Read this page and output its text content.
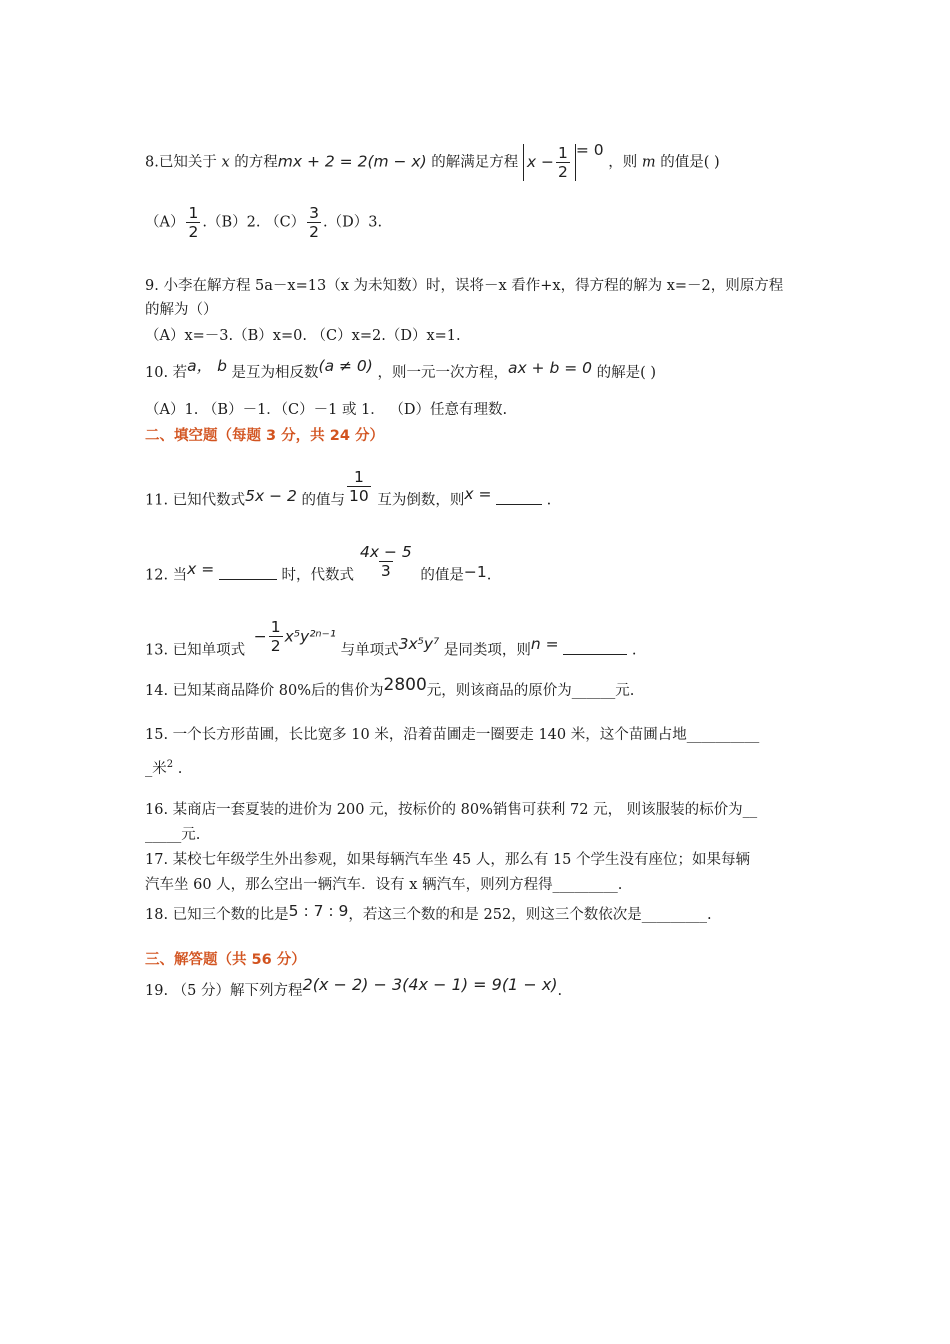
8.已知关于 x 的方程mx + 2 = 2(m − x) 的解满足方程 $x - \frac{1}{2} = 0$ ，则 m 的值是( )
$(A) \frac{1}{2} .(B)2$. $(C) \frac{3}{2} .(D)3$.
9. 小李在解方程 5a－x=13（x 为未知数）时，误将－x 看作+x，得方程的解为 x=－2，则原方程
的解为（）
（A）x=－3.（B）x=0. （C）x=2.（D）x=1.
10. 若a， b 是互为相反数(a ≠ 0) ，则一元一次方程，ax + b = 0 的解是( )
（A）1. （B）－1．（C）－1 或 1． （D）任意有理数.
二、填空题（每题 3 分，共 24 分）
11. 已知代数式5x − 2 的值与 $\frac{1}{10}$ 互为倒数，则x =	.
12. 当x =	时，代数式 $\frac{4x - 5}{3}$ 的值是−1.
13. 已知单项式 − $\frac{1}{2} x^5y^{2n-1}$ 与单项式3x⁵y⁷ 是同类项，则n =	.
14. 已知某商品降价 80%后的售价为2800元，则该商品的原价为______元.
15. 一个长方形苗圃，长比宽多 10 米，沿着苗圃走一圈要走 140 米，这个苗圃占地__________
_米$^2$ .
16. 某商店一套夏装的进价为 200 元，按标价的 80%销售可获利 72 元， 则该服装的标价为__
_____元.
17. 某校七年级学生外出参观，如果每辆汽车坐 45 人，那么有 15 个学生没有座位；如果每辆
汽车坐 60 人，那么空出一辆汽车．设有 x 辆汽车，则列方程得_________.
18. 已知三个数的比是5 : 7 : 9，若这三个数的和是 252，则这三个数依次是_________.
三、解答题（共 56 分）
19. （5 分）解下列方程2(x − 2) − 3(4x − 1) = 9(1 − x).
